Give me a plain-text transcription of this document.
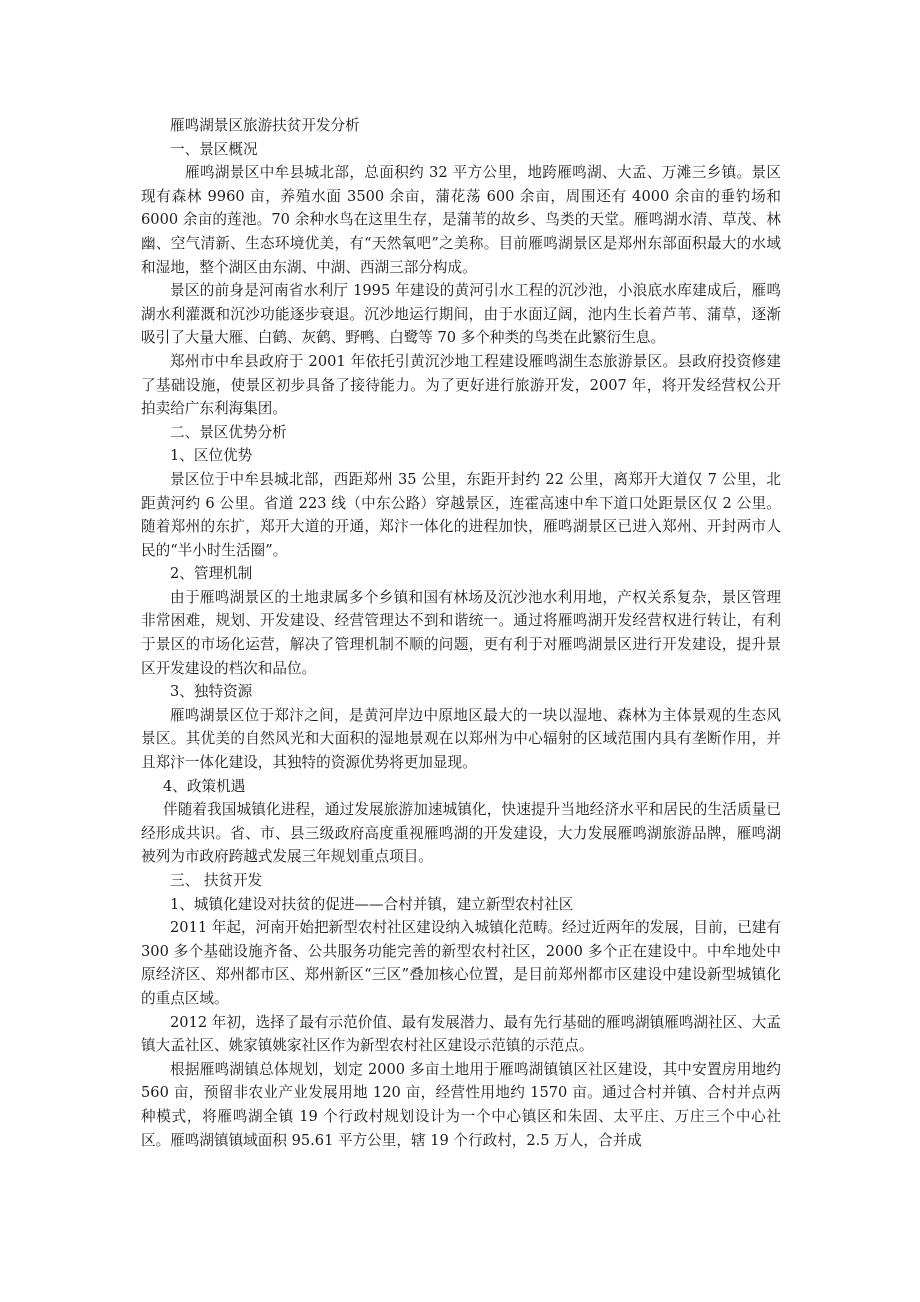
雁鸣湖景区旅游扶贫开发分析

一、景区概况

雁鸣湖景区中牟县城北部，总面积约 32 平方公里，地跨雁鸣湖、大孟、万滩三乡镇。景区现有森林 9960 亩，养殖水面 3500 余亩，蒲花荡 600 余亩，周围还有 4000 余亩的垂钓场和 6000 余亩的莲池。70 余种水鸟在这里生存，是蒲苇的故乡、鸟类的天堂。雁鸣湖水清、草茂、林幽、空气清新、生态环境优美，有“天然氧吧”之美称。目前雁鸣湖景区是郑州东部面积最大的水域和湿地，整个湖区由东湖、中湖、西湖三部分构成。

景区的前身是河南省水利厅 1995 年建设的黄河引水工程的沉沙池，小浪底水库建成后，雁鸣湖水利灌溉和沉沙功能逐步衰退。沉沙地运行期间，由于水面辽阔，池内生长着芦苇、蒲草，逐渐吸引了大量大雁、白鹤、灰鹤、野鸭、白鹭等 70 多个种类的鸟类在此繁衍生息。

郑州市中牟县政府于 2001 年依托引黄沉沙地工程建设雁鸣湖生态旅游景区。县政府投资修建了基础设施，使景区初步具备了接待能力。为了更好进行旅游开发，2007 年，将开发经营权公开拍卖给广东利海集团。

二、景区优势分析

1、区位优势

景区位于中牟县城北部，西距郑州 35 公里，东距开封约 22 公里，离郑开大道仅 7 公里，北距黄河约 6 公里。省道 223 线（中东公路）穿越景区，连霍高速中牟下道口处距景区仅 2 公里。随着郑州的东扩，郑开大道的开通，郑汴一体化的进程加快，雁鸣湖景区已进入郑州、开封两市人民的“半小时生活圈”。

2、管理机制

由于雁鸣湖景区的土地隶属多个乡镇和国有林场及沉沙池水利用地，产权关系复杂，景区管理非常困难，规划、开发建设、经营管理达不到和谐统一。通过将雁鸣湖开发经营权进行转让，有利于景区的市场化运营，解决了管理机制不顺的问题，更有利于对雁鸣湖景区进行开发建设，提升景区开发建设的档次和品位。

3、独特资源

雁鸣湖景区位于郑汴之间，是黄河岸边中原地区最大的一块以湿地、森林为主体景观的生态风景区。其优美的自然风光和大面积的湿地景观在以郑州为中心辐射的区域范围内具有垄断作用，并且郑汴一体化建设，其独特的资源优势将更加显现。

4、政策机遇

伴随着我国城镇化进程，通过发展旅游加速城镇化，快速提升当地经济水平和居民的生活质量已经形成共识。省、市、县三级政府高度重视雁鸣湖的开发建设，大力发展雁鸣湖旅游品牌，雁鸣湖被列为市政府跨越式发展三年规划重点项目。

三、 扶贫开发

1、城镇化建设对扶贫的促进——合村并镇，建立新型农村社区

2011 年起，河南开始把新型农村社区建设纳入城镇化范畴。经过近两年的发展，目前，已建有 300 多个基础设施齐备、公共服务功能完善的新型农村社区，2000 多个正在建设中。中牟地处中原经济区、郑州都市区、郑州新区“三区”叠加核心位置，是目前郑州都市区建设中建设新型城镇化的重点区域。

2012 年初，选择了最有示范价值、最有发展潜力、最有先行基础的雁鸣湖镇雁鸣湖社区、大孟镇大孟社区、姚家镇姚家社区作为新型农村社区建设示范镇的示范点。

根据雁鸣湖镇总体规划，划定 2000 多亩土地用于雁鸣湖镇镇区社区建设，其中安置房用地约 560 亩，预留非农业产业发展用地 120 亩，经营性用地约 1570 亩。通过合村并镇、合村并点两种模式，将雁鸣湖全镇 19 个行政村规划设计为一个中心镇区和朱固、太平庄、万庄三个中心社区。雁鸣湖镇镇域面积 95.61 平方公里，辖 19 个行政村，2.5 万人，合并成
